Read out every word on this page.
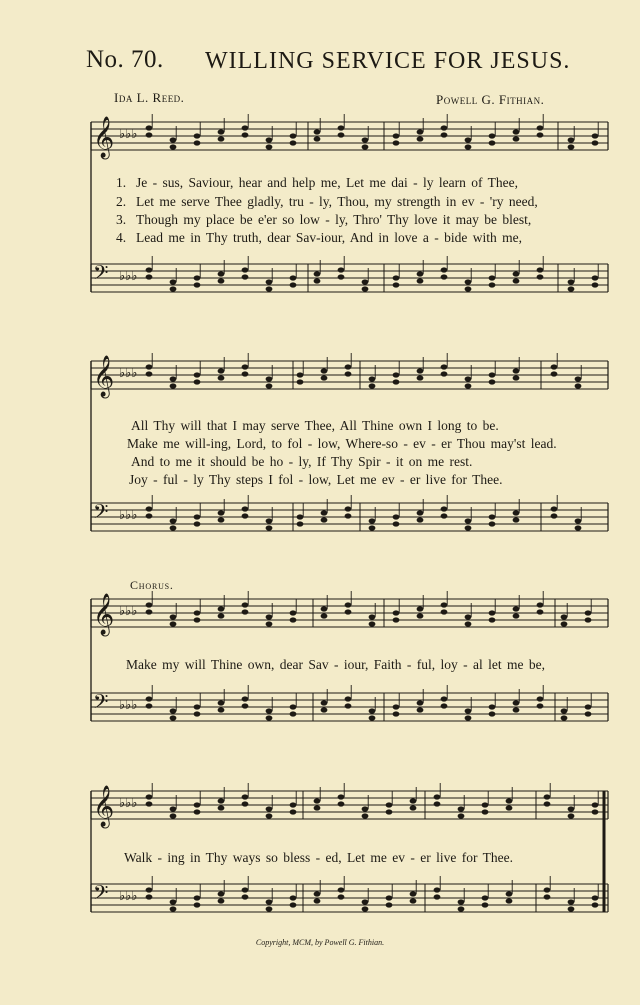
No. 70. WILLING SERVICE FOR JESUS.
Ida L. Reed.	Powell G. Fithian.
𝄞 ♭♭♭
𝄢 ♭♭♭
𝄞 ♭♭♭
𝄢 ♭♭♭
𝄞 ♭♭♭
𝄢 ♭♭♭
𝄞 ♭♭♭
𝄢 ♭♭♭
1. Je - sus, Saviour, hear and help me, Let me dai - ly learn of Thee,
2. Let me serve Thee gladly, tru - ly, Thou, my strength in ev - 'ry need,
3. Though my place be e'er so low - ly, Thro' Thy love it may be blest,
4. Lead me in Thy truth, dear Sav-iour, And in love a - bide with me,
All Thy will that I may serve Thee, All Thine own I long to be.
Make me will-ing, Lord, to fol - low, Where-so - ev - er Thou may'st lead.
And to me it should be ho - ly, If Thy Spir - it on me rest.
Joy - ful - ly Thy steps I fol - low, Let me ev - er live for Thee.
Chorus.
Make my will Thine own, dear Sav - iour, Faith - ful, loy - al let me be,
Walk - ing in Thy ways so bless - ed, Let me ev - er live for Thee.
Copyright, MCM, by Powell G. Fithian.
